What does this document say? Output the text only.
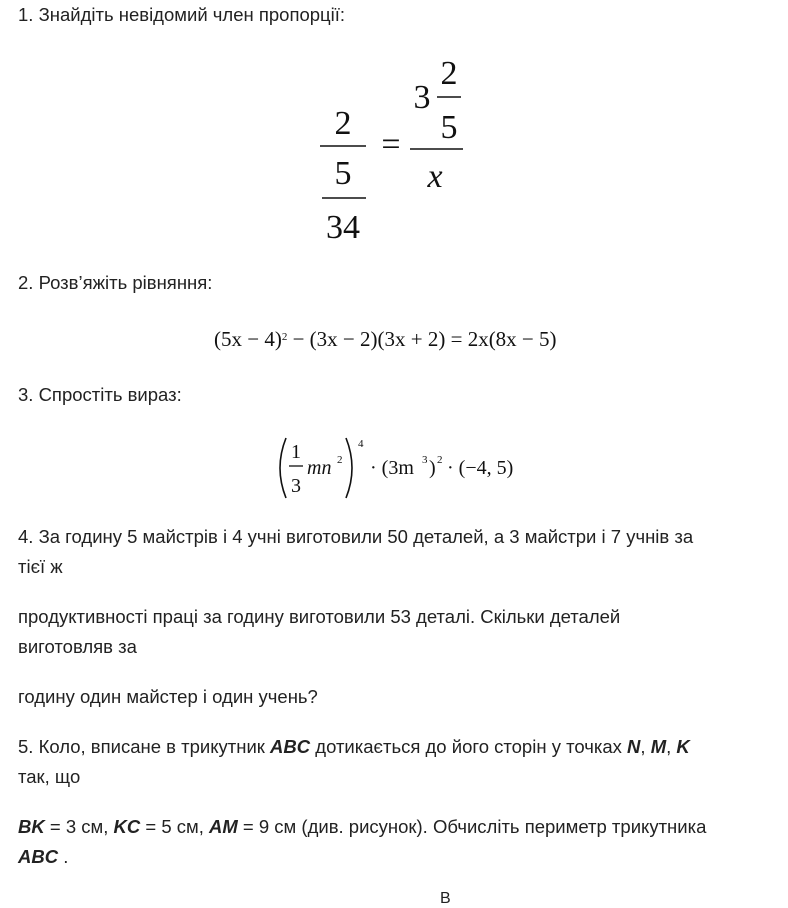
1. Знайдіть невідомий член пропорції:

2
5
34
=
3
2
5
x

2. Розв’яжіть рівняння:

$(5x - 4)^2 - (3x - 2)(3x + 2) = 2x(8x - 5)$

3. Спростіть вираз:

1
3
mn 2
4
· (3m 3 ) 2 · (−4, 5)

4. За годину 5 майстрів і 4 учні виготовили 50 деталей, а 3 майстри і 7 учнів за

тієї ж

продуктивності праці за годину виготовили 53 деталі. Скільки деталей

виготовляв за

годину один майстер і один учень?

5. Коло, вписане в трикутник ABC дотикається до його сторін у точках N, M, K

так, що

BK = 3 см, KC = 5 см, AM = 9 см (див. рисунок). Обчисліть периметр трикутника

ABC .

B
